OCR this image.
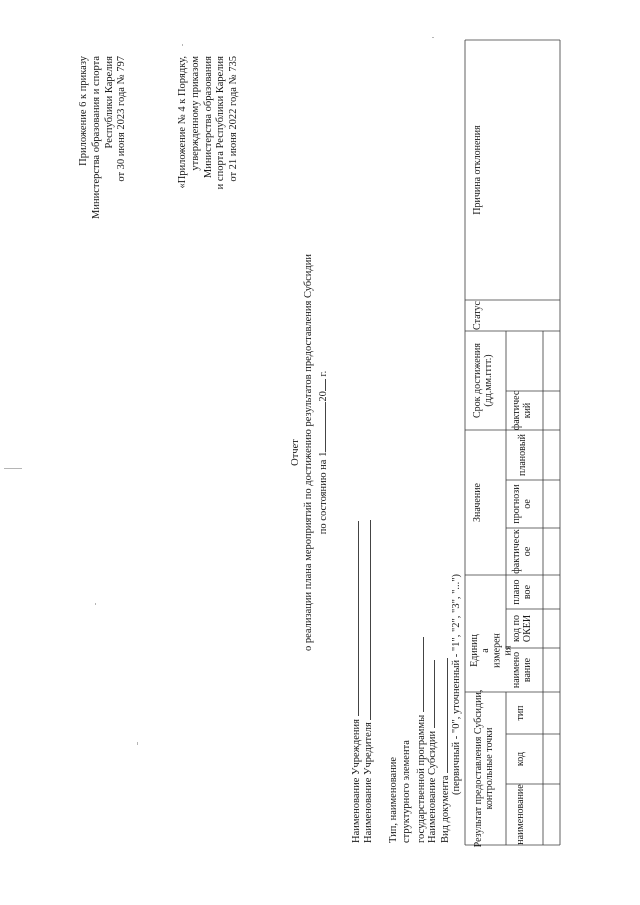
Приложение 6 к приказу Министерства образования и спорта Республики Карелия от 30 июня 2023 года № 797	«Приложение № 4 к Порядку, утвержденному приказом Министерства образования и спорта Республики Карелия от 21 июня 2022 года № 735
Отчет о реализации плана мероприятий по достижению результатов предоставления Субсидии по состоянию на 120 г.
Наименование Учреждения Наименование Учредителя Тип, наименование структурного элемента государственной программы Наименование Субсидии Вид документа
(первичный - "0", уточненный - "1", "2", "3", "...") Результат предоставления Субсидии,контрольные точки
Единицаизмерения
Значение
Срок достижения(дд.мм.гггг.)
Статус
Причина отклонения
наименование
код
тип
наименование
код поОКЕИ
плановое
фактическое
прогнозиое
плановый
фактический
